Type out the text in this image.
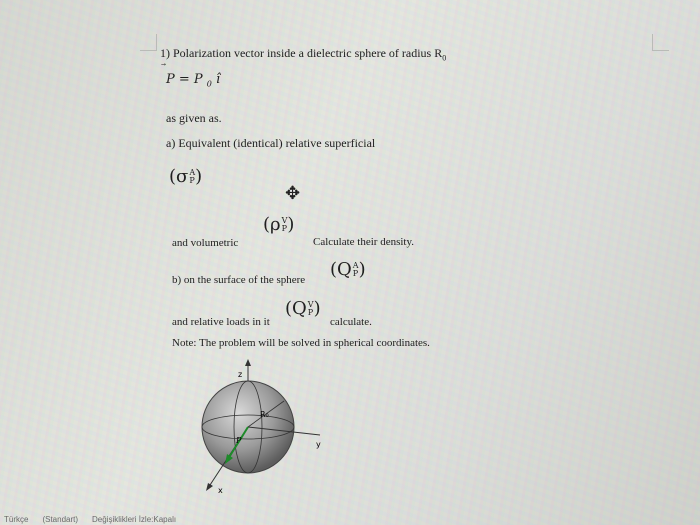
1) Polarization vector inside a dielectric sphere of radius $R_0$
P = P $_0$ î
as given as.
a) Equivalent (identical) relative superficial
(σ A
P )
✥
and volumetric
(ρ V
P )
Calculate their density.
b) on the surface of the sphere (Q A
P )
and relative loads in it
(Q V
P )
calculate.
Note: The problem will be solved in spherical coordinates.
z
R₀
y
x
P
Türkçe (Standart) Değişiklikleri İzle:Kapalı
